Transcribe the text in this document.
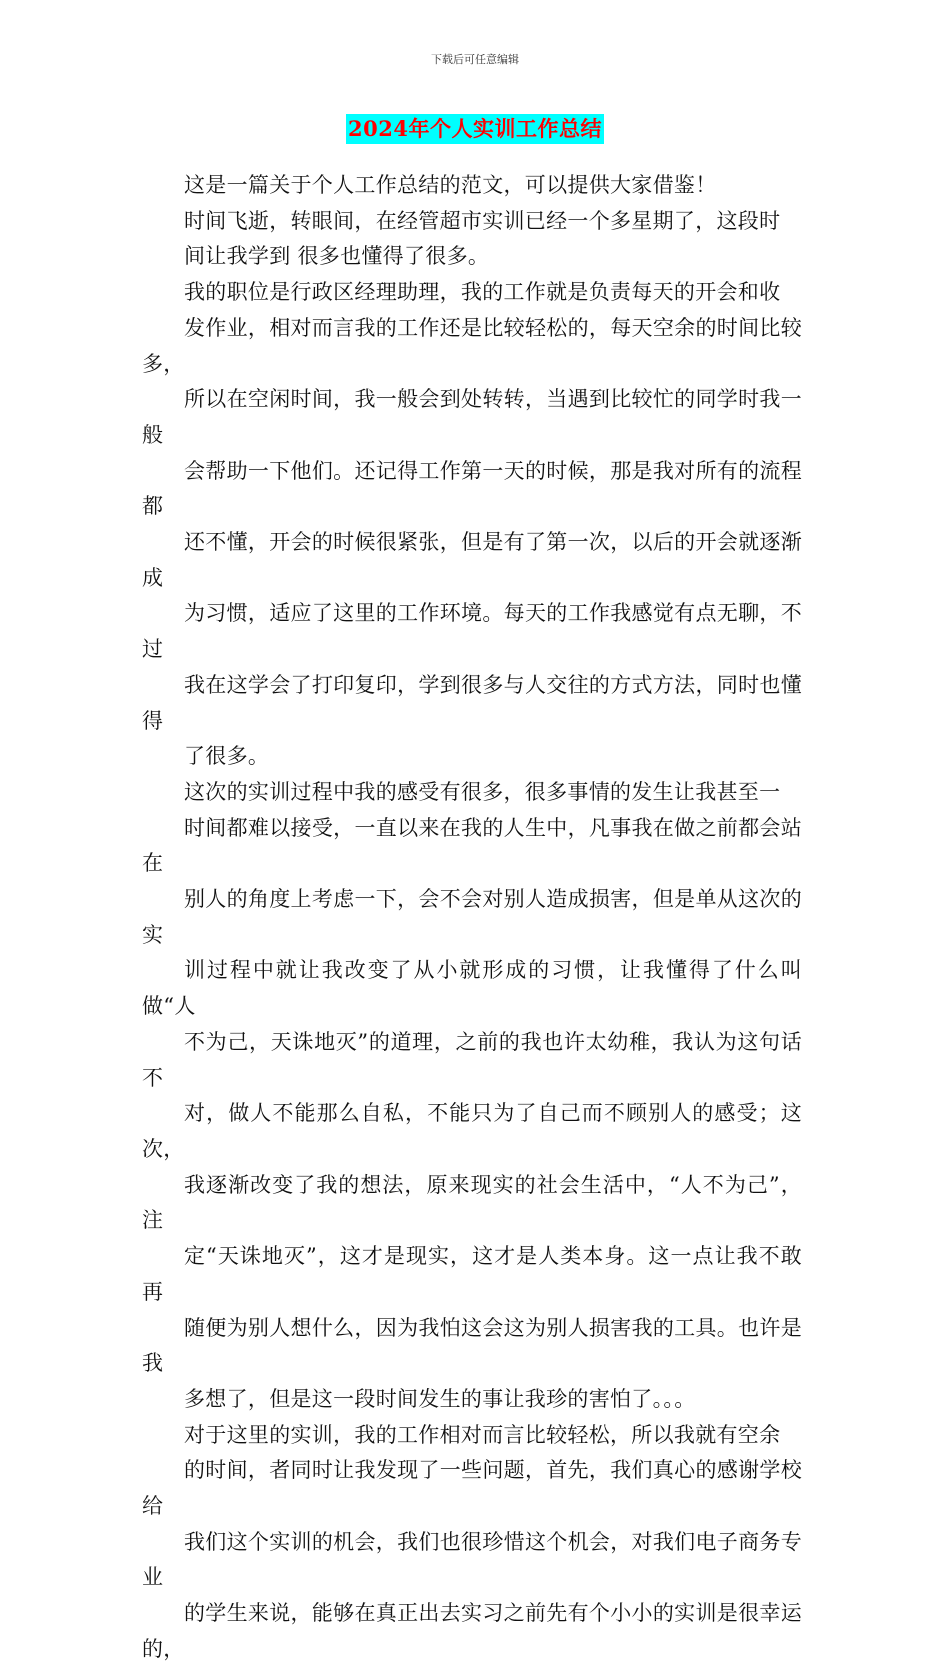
下载后可任意编辑
2024年个人实训工作总结

这是一篇关于个人工作总结的范文，可以提供大家借鉴！

时间飞逝，转眼间，在经管超市实训已经一个多星期了，这段时
间让我学到 很多也懂得了很多。

我的职位是行政区经理助理，我的工作就是负责每天的开会和收
发作业，相对而言我的工作还是比较轻松的，每天空余的时间比较多，
所以在空闲时间，我一般会到处转转，当遇到比较忙的同学时我一般
会帮助一下他们。还记得工作第一天的时候，那是我对所有的流程都
还不懂，开会的时候很紧张，但是有了第一次，以后的开会就逐渐成
为习惯，适应了这里的工作环境。每天的工作我感觉有点无聊，不过
我在这学会了打印复印，学到很多与人交往的方式方法，同时也懂得
了很多。

这次的实训过程中我的感受有很多，很多事情的发生让我甚至一
时间都难以接受，一直以来在我的人生中，凡事我在做之前都会站在
别人的角度上考虑一下，会不会对别人造成损害，但是单从这次的实
训过程中就让我改变了从小就形成的习惯，让我懂得了什么叫做“人
不为己，天诛地灭”的道理，之前的我也许太幼稚，我认为这句话不
对，做人不能那么自私，不能只为了自己而不顾别人的感受；这次，
我逐渐改变了我的想法，原来现实的社会生活中，“人不为己”，注
定“天诛地灭”，这才是现实，这才是人类本身。这一点让我不敢再
随便为别人想什么，因为我怕这会这为别人损害我的工具。也许是我
多想了，但是这一段时间发生的事让我珍的害怕了。。。

对于这里的实训，我的工作相对而言比较轻松，所以我就有空余
的时间，者同时让我发现了一些问题，首先，我们真心的感谢学校给
我们这个实训的机会，我们也很珍惜这个机会，对我们电子商务专业
的学生来说，能够在真正出去实习之前先有个小小的实训是很幸运的，
